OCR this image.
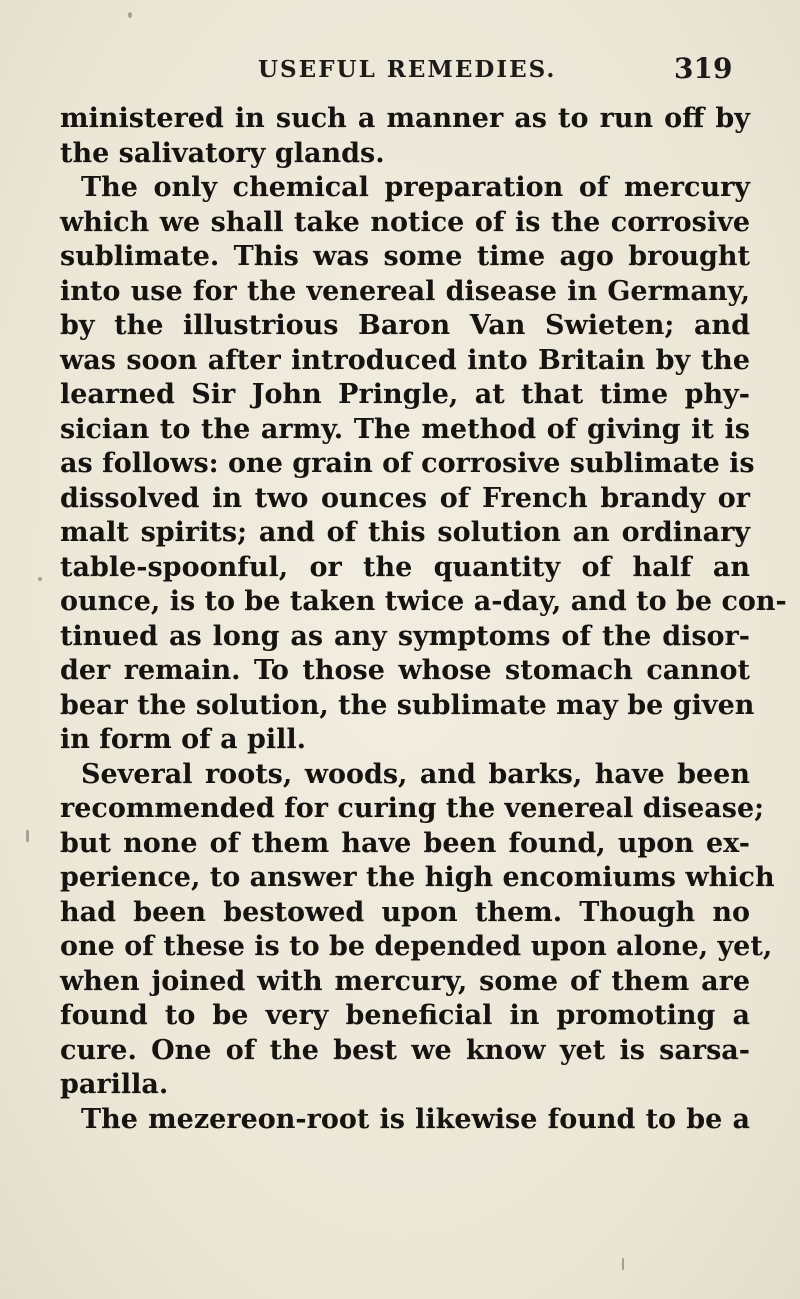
USEFUL REMEDIES.	319
ministered in such a manner as to run off by
the salivatory glands.
The only chemical preparation of mercury
which we shall take notice of is the corrosive
sublimate. This was some time ago brought
into use for the venereal disease in Germany,
by the illustrious Baron Van Swieten; and
was soon after introduced into Britain by the
learned Sir John Pringle, at that time phy-
sician to the army. The method of giving it is
as follows: one grain of corrosive sublimate is
dissolved in two ounces of French brandy or
malt spirits; and of this solution an ordinary
table-spoonful, or the quantity of half an
ounce, is to be taken twice a-day, and to be con-
tinued as long as any symptoms of the disor-
der remain. To those whose stomach cannot
bear the solution, the sublimate may be given
in form of a pill.
Several roots, woods, and barks, have been
recommended for curing the venereal disease;
but none of them have been found, upon ex-
perience, to answer the high encomiums which
had been bestowed upon them. Though no
one of these is to be depended upon alone, yet,
when joined with mercury, some of them are
found to be very beneficial in promoting a
cure. One of the best we know yet is sarsa-
parilla.
The mezereon-root is likewise found to be a
